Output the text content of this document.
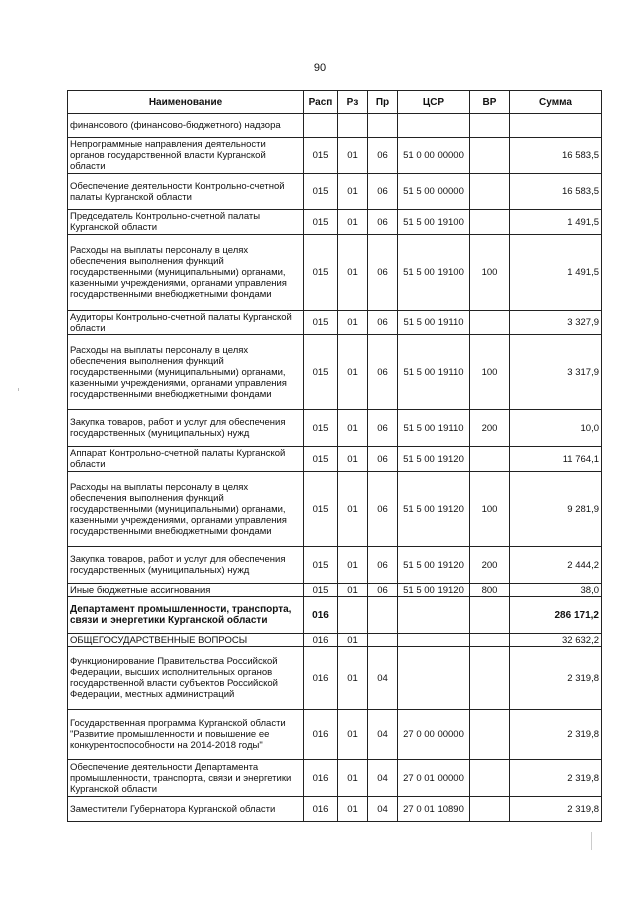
90
Наименование	Расп	Рз	Пр	ЦСР	ВР	Сумма
финансового (финансово-бюджетного) надзора						
Непрограммные направления деятельности органов государственной власти Курганской области	015	01	06	51 0 00 00000		16 583,5
Обеспечение деятельности Контрольно-счетной палаты Курганской области	015	01	06	51 5 00 00000		16 583,5
Председатель Контрольно-счетной палаты Курганской области	015	01	06	51 5 00 19100		1 491,5
Расходы на выплаты персоналу в целях обеспечения выполнения функций государственными (муниципальными) органами, казенными учреждениями, органами управления государственными внебюджетными фондами	015	01	06	51 5 00 19100	100	1 491,5
Аудиторы Контрольно-счетной палаты Курганской области	015	01	06	51 5 00 19110		3 327,9
Расходы на выплаты персоналу в целях обеспечения выполнения функций государственными (муниципальными) органами, казенными учреждениями, органами управления государственными внебюджетными фондами	015	01	06	51 5 00 19110	100	3 317,9
Закупка товаров, работ и услуг для обеспечения государственных (муниципальных) нужд	015	01	06	51 5 00 19110	200	10,0
Аппарат Контрольно-счетной палаты Курганской области	015	01	06	51 5 00 19120		11 764,1
Расходы на выплаты персоналу в целях обеспечения выполнения функций государственными (муниципальными) органами, казенными учреждениями, органами управления государственными внебюджетными фондами	015	01	06	51 5 00 19120	100	9 281,9
Закупка товаров, работ и услуг для обеспечения государственных (муниципальных) нужд	015	01	06	51 5 00 19120	200	2 444,2
Иные бюджетные ассигнования	015	01	06	51 5 00 19120	800	38,0
Департамент промышленности, транспорта, связи и энергетики Курганской области	016					286 171,2
ОБЩЕГОСУДАРСТВЕННЫЕ ВОПРОСЫ	016	01				32 632,2
Функционирование Правительства Российской Федерации, высших исполнительных органов государственной власти субъектов Российской Федерации, местных администраций	016	01	04			2 319,8
Государственная программа Курганской области "Развитие промышленности и повышение ее конкурентоспособности на 2014-2018 годы"	016	01	04	27 0 00 00000		2 319,8
Обеспечение деятельности Департамента промышленности, транспорта, связи и энергетики Курганской области	016	01	04	27 0 01 00000		2 319,8
Заместители Губернатора Курганской области	016	01	04	27 0 01 10890		2 319,8
